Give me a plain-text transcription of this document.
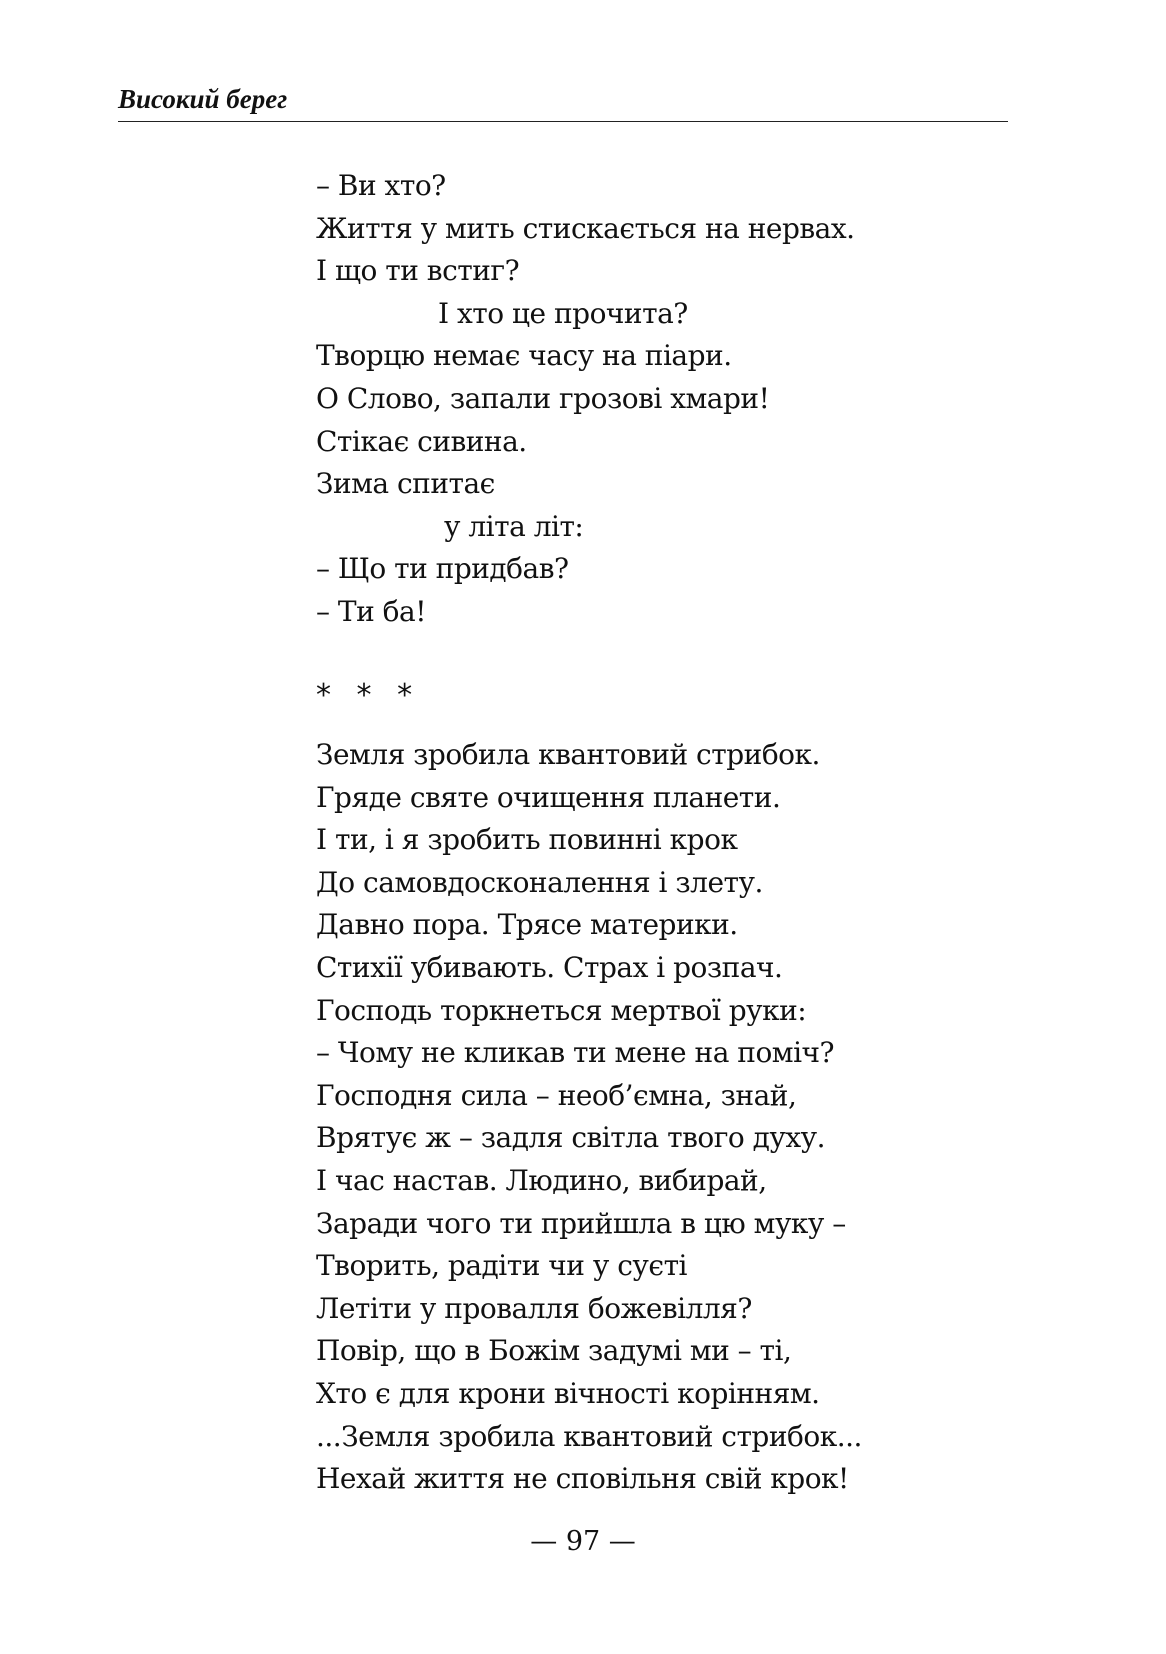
Високий берег
– Ви хто?
Життя у мить стискається на нервах.
І що ти встиг?
І хто це прочита?
Творцю немає часу на піари.
О Слово, запали грозові хмари!
Стікає сивина.
Зима спитає
у літа літ:
– Що ти придбав?
– Ти ба!
* * *
Земля зробила квантовий стрибок.
Гряде святе очищення планети.
І ти, і я зробить повинні крок
До самовдосконалення і злету.
Давно пора. Трясе материки.
Стихії убивають. Страх і розпач.
Господь торкнеться мертвої руки:
– Чому не кликав ти мене на поміч?
Господня сила – необ’ємна, знай,
Врятує ж – задля світла твого духу.
І час настав. Людино, вибирай,
Заради чого ти прийшла в цю муку –
Творить, радіти чи у суєті
Летіти у провалля божевілля?
Повір, що в Божім задумі ми – ті,
Хто є для крони вічності корінням.
...Земля зробила квантовий стрибок...
Нехай життя не сповільня свій крок!
— 97 —
